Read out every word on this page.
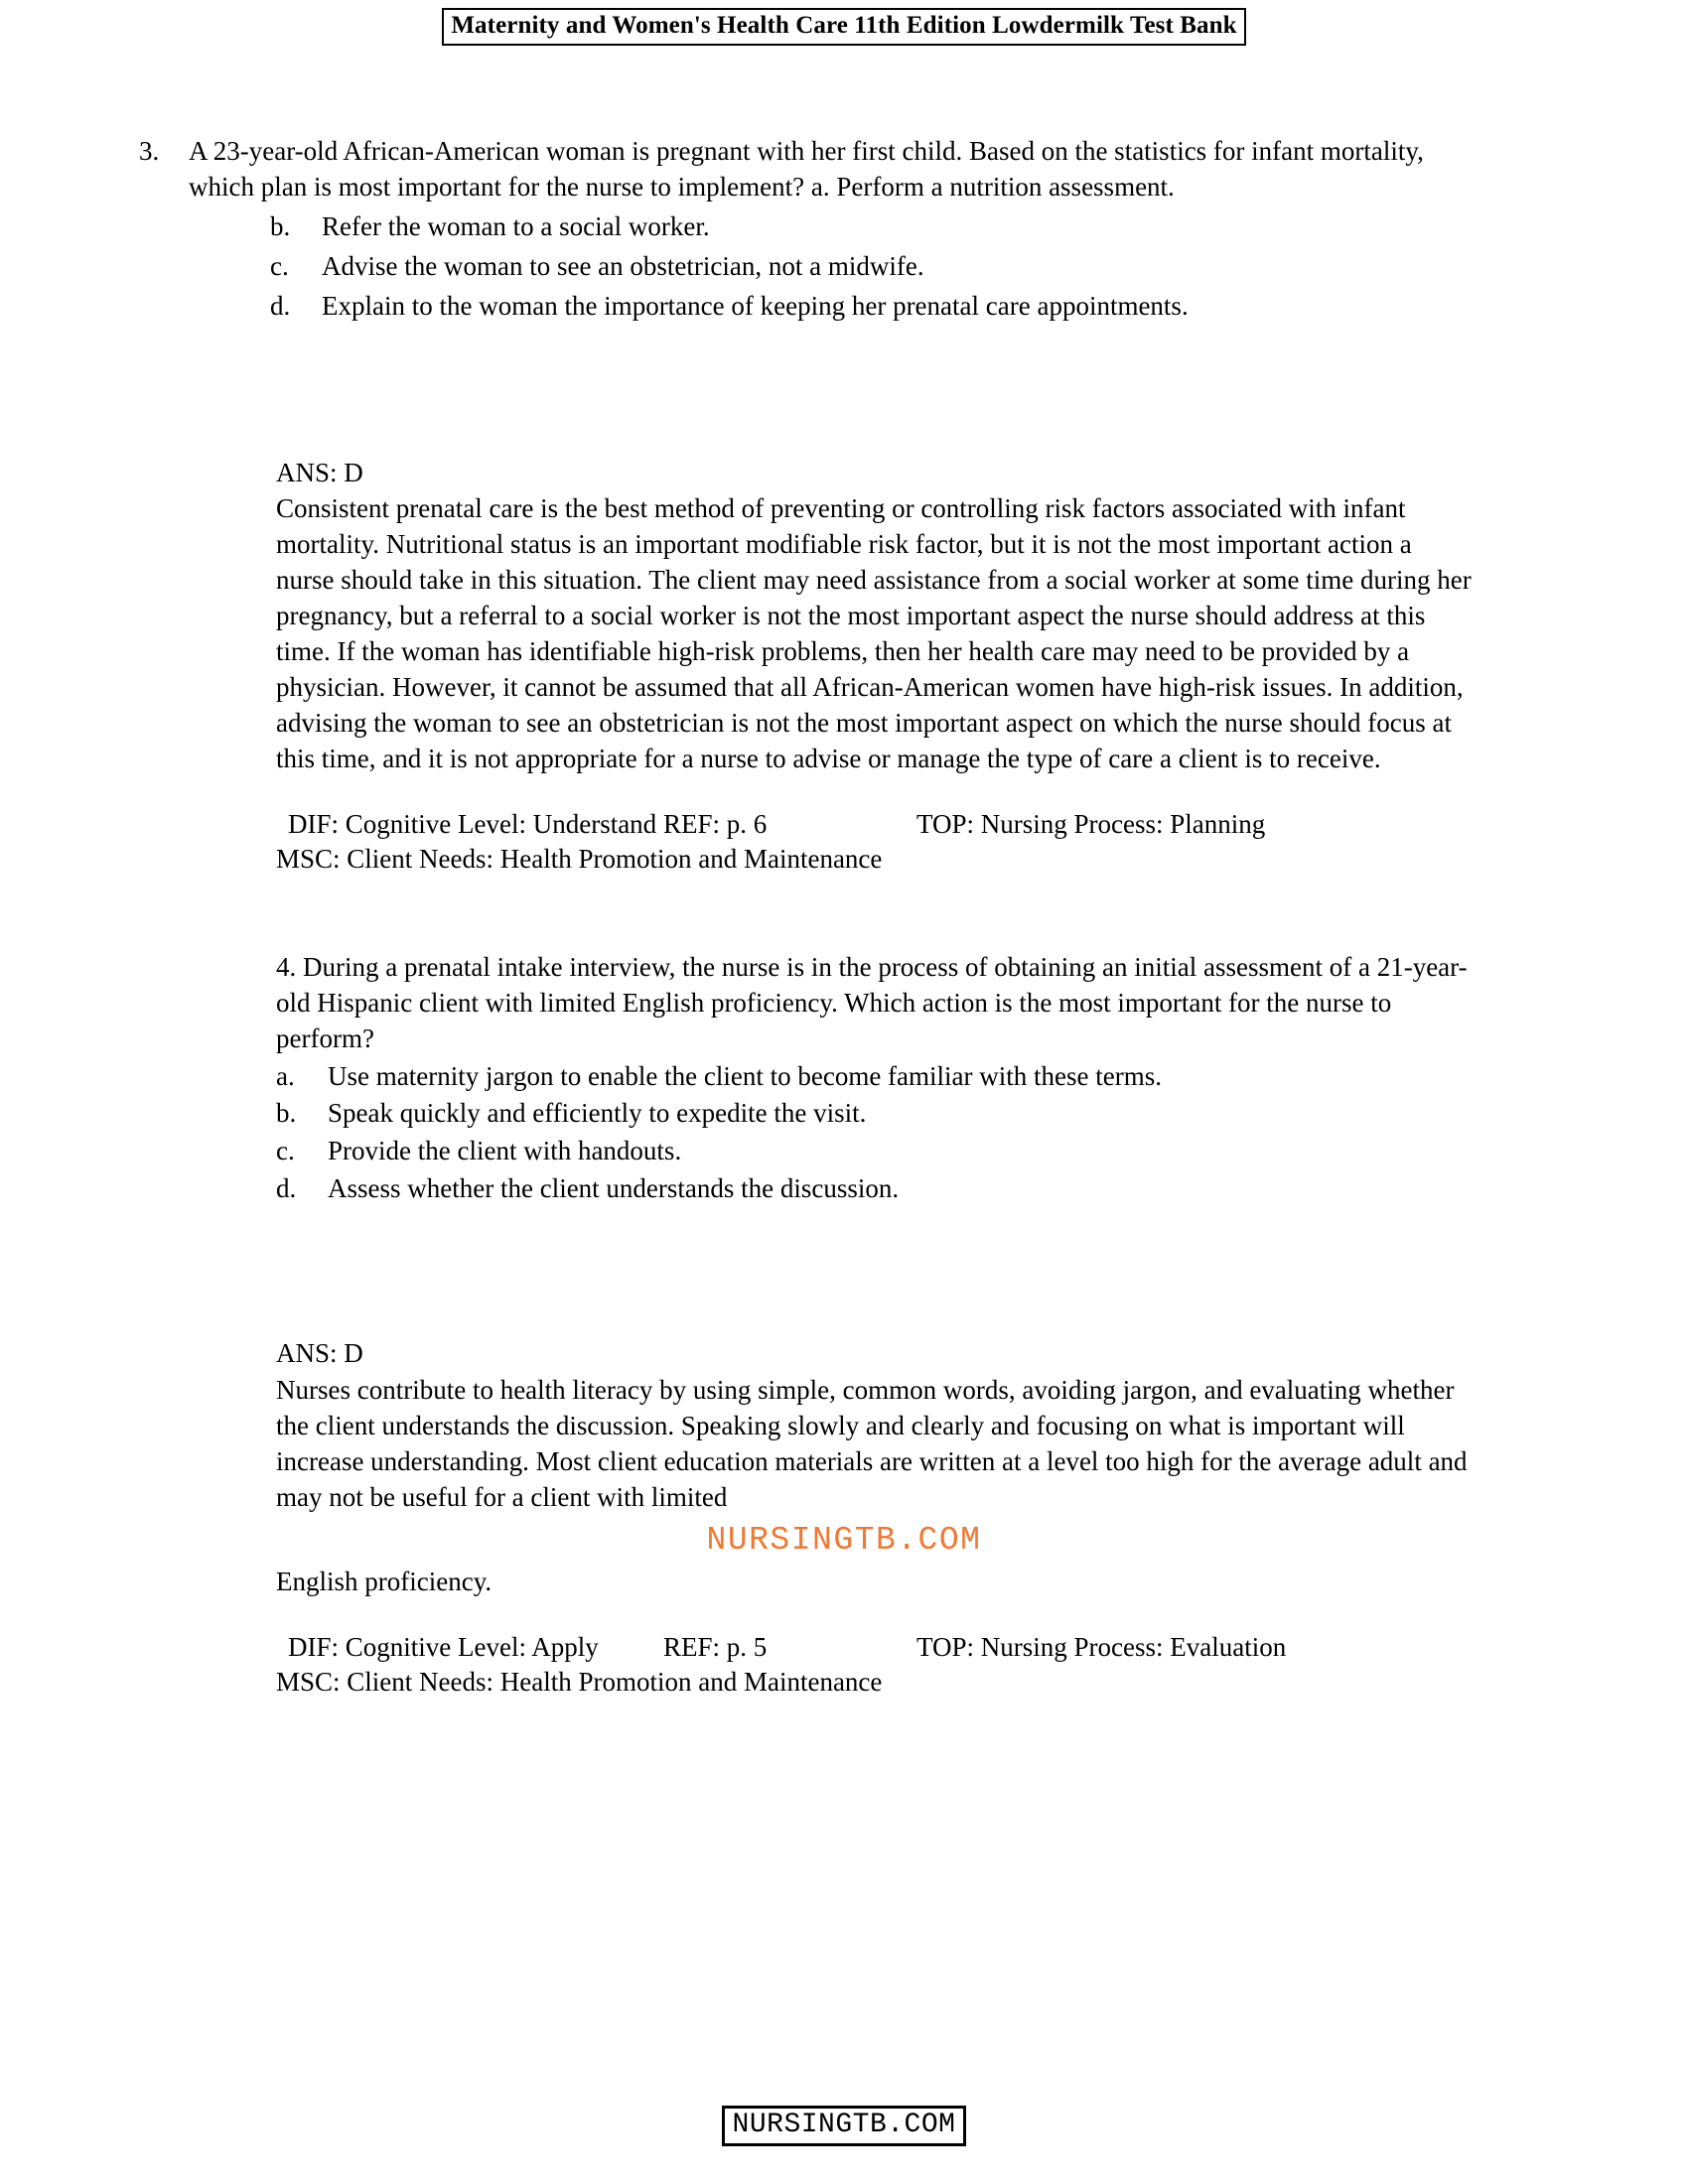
Maternity and Women's Health Care 11th Edition Lowdermilk Test Bank
3. A 23-year-old African-American woman is pregnant with her first child. Based on the statistics for infant mortality, which plan is most important for the nurse to implement? a. Perform a nutrition assessment.
b. Refer the woman to a social worker.
c. Advise the woman to see an obstetrician, not a midwife.
d. Explain to the woman the importance of keeping her prenatal care appointments.
ANS: D
Consistent prenatal care is the best method of preventing or controlling risk factors associated with infant mortality. Nutritional status is an important modifiable risk factor, but it is not the most important action a nurse should take in this situation. The client may need assistance from a social worker at some time during her pregnancy, but a referral to a social worker is not the most important aspect the nurse should address at this time. If the woman has identifiable high-risk problems, then her health care may need to be provided by a physician. However, it cannot be assumed that all African-American women have high-risk issues. In addition, advising the woman to see an obstetrician is not the most important aspect on which the nurse should focus at this time, and it is not appropriate for a nurse to advise or manage the type of care a client is to receive.
DIF: Cognitive Level: Understand REF: p. 6	TOP: Nursing Process: Planning
MSC: Client Needs: Health Promotion and Maintenance
4. During a prenatal intake interview, the nurse is in the process of obtaining an initial assessment of a 21-year-old Hispanic client with limited English proficiency. Which action is the most important for the nurse to perform?
a. Use maternity jargon to enable the client to become familiar with these terms.
b. Speak quickly and efficiently to expedite the visit.
c. Provide the client with handouts.
d. Assess whether the client understands the discussion.
ANS: D
Nurses contribute to health literacy by using simple, common words, avoiding jargon, and evaluating whether the client understands the discussion. Speaking slowly and clearly and focusing on what is important will increase understanding. Most client education materials are written at a level too high for the average adult and may not be useful for a client with limited
NURSINGTB.COM
English proficiency.
DIF: Cognitive Level: Apply	REF: p. 5	TOP: Nursing Process: Evaluation
MSC: Client Needs: Health Promotion and Maintenance
NURSINGTB.COM
